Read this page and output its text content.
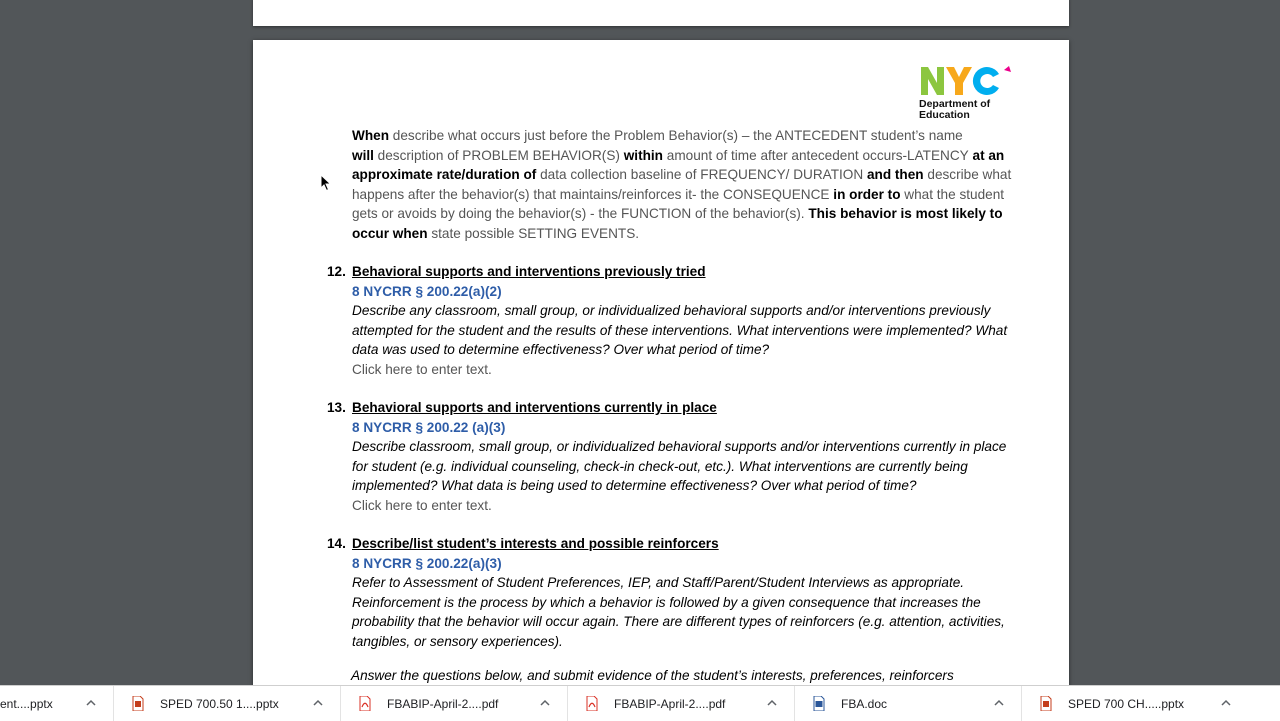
Department of
Education
When describe what occurs just before the Problem Behavior(s) – the ANTECEDENT student’s name
will description of PROBLEM BEHAVIOR(S) within amount of time after antecedent occurs-LATENCY at an approximate rate/duration of data collection baseline of FREQUENCY/ DURATION and then describe what happens after the behavior(s) that maintains/reinforces it- the CONSEQUENCE in order to what the student gets or avoids by doing the behavior(s) - the FUNCTION of the behavior(s). This behavior is most likely to occur when state possible SETTING EVENTS.
12. Behavioral supports and interventions previously tried
8 NYCRR § 200.22(a)(2)
Describe any classroom, small group, or individualized behavioral supports and/or interventions previously attempted for the student and the results of these interventions. What interventions were implemented? What data was used to determine effectiveness? Over what period of time?
Click here to enter text.
13. Behavioral supports and interventions currently in place
8 NYCRR § 200.22 (a)(3)
Describe classroom, small group, or individualized behavioral supports and/or interventions currently in place for student (e.g. individual counseling, check-in check-out, etc.). What interventions are currently being implemented? What data is being used to determine effectiveness? Over what period of time?
Click here to enter text.
14. Describe/list student’s interests and possible reinforcers
8 NYCRR § 200.22(a)(3)
Refer to Assessment of Student Preferences, IEP, and Staff/Parent/Student Interviews as appropriate. Reinforcement is the process by which a behavior is followed by a given consequence that increases the probability that the behavior will occur again. There are different types of reinforcers (e.g. attention, activities, tangibles, or sensory experiences).
Answer the questions below, and submit evidence of the student’s interests, preferences, reinforcers
ent....pptx	SPED 700.50 1....pptx	FBABIP-April-2....pdf	FBABIP-April-2....pdf	FBA.doc	SPED 700 CH.....pptx
